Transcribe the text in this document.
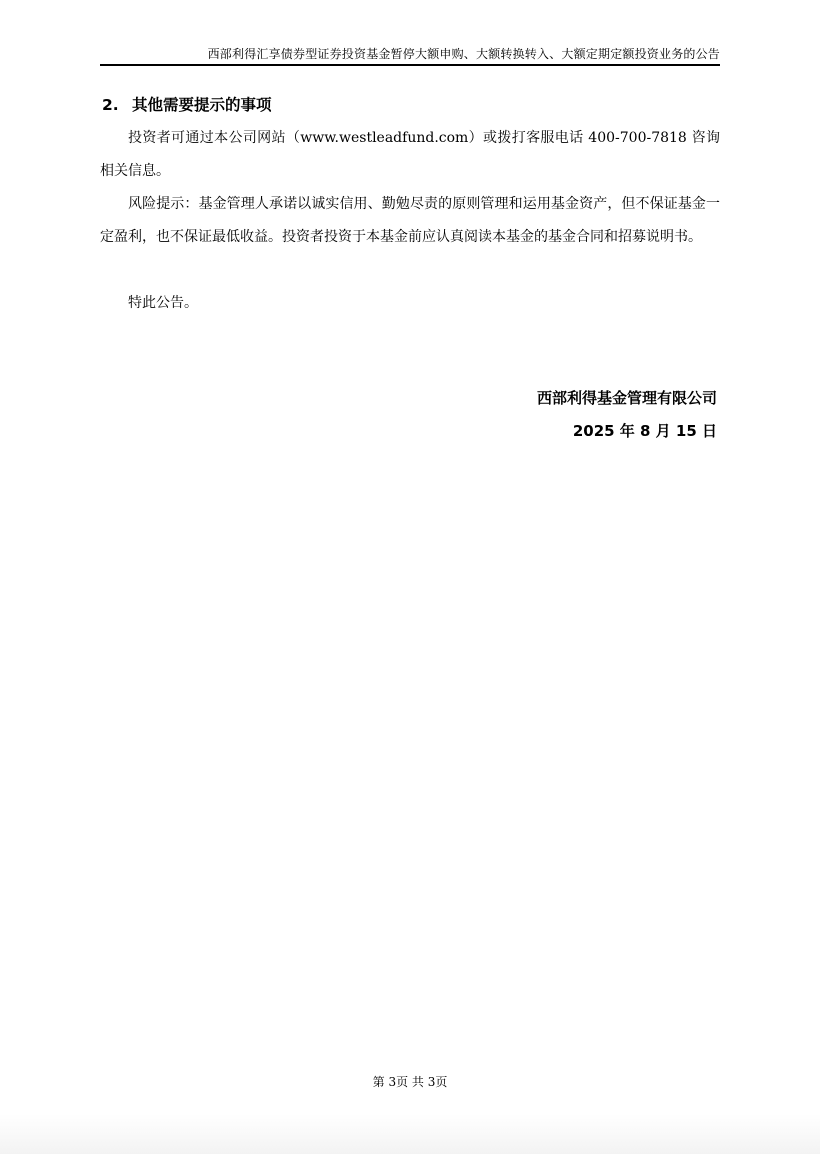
西部利得汇享债券型证券投资基金暂停大额申购、大额转换转入、大额定期定额投资业务的公告
2. 其他需要提示的事项

投资者可通过本公司网站（www.westleadfund.com）或拨打客服电话 400-700-7818 咨询相关信息。

风险提示：基金管理人承诺以诚实信用、勤勉尽责的原则管理和运用基金资产，但不保证基金一定盈利，也不保证最低收益。投资者投资于本基金前应认真阅读本基金的基金合同和招募说明书。

特此公告。

西部利得基金管理有限公司
2025 年 8 月 15 日
第 3页 共 3页
